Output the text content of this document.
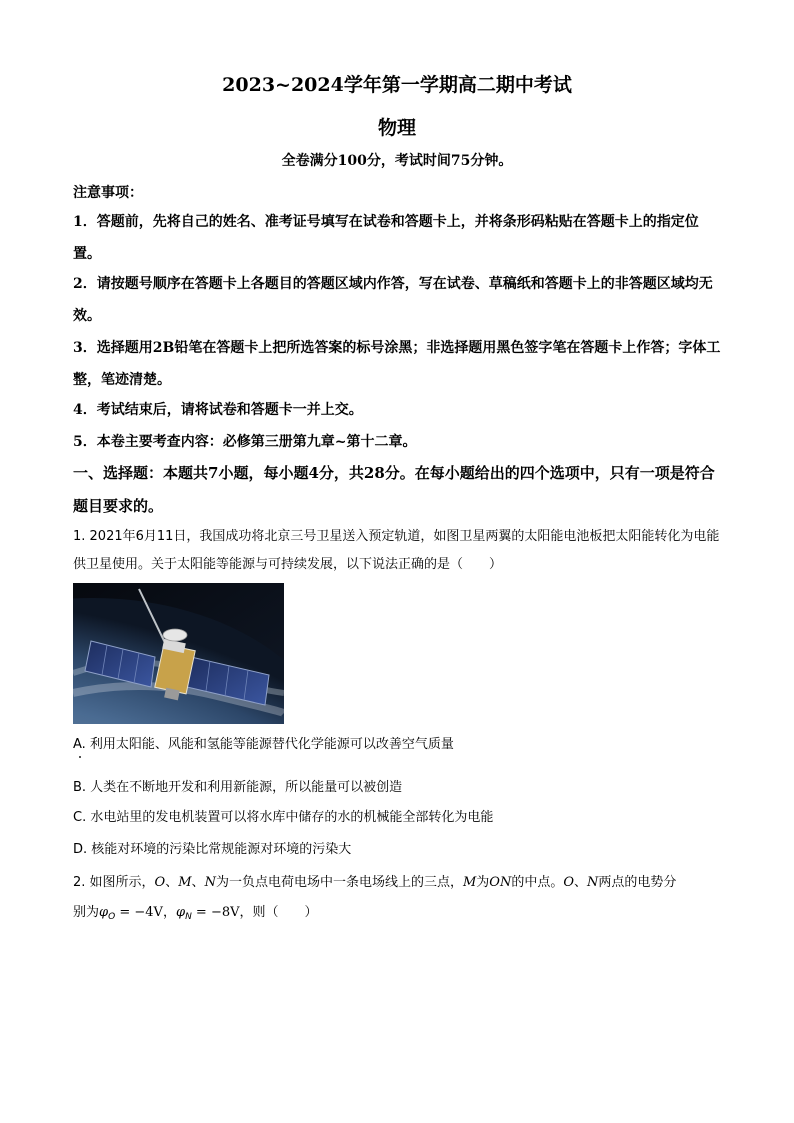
2023~2024学年第一学期高二期中考试
物理
全卷满分100分，考试时间75分钟。
注意事项：
1．答题前，先将自己的姓名、准考证号填写在试卷和答题卡上，并将条形码粘贴在答题卡上的指定位置。
2．请按题号顺序在答题卡上各题目的答题区域内作答，写在试卷、草稿纸和答题卡上的非答题区域均无效。
3．选择题用2B铅笔在答题卡上把所选答案的标号涂黑；非选择题用黑色签字笔在答题卡上作答；字体工整，笔迹清楚。
4．考试结束后，请将试卷和答题卡一并上交。
5．本卷主要考查内容：必修第三册第九章~第十二章。
一、选择题：本题共7小题，每小题4分，共28分。在每小题给出的四个选项中，只有一项是符合题目要求的。
1. 2021年6月11日，我国成功将北京三号卫星送入预定轨道，如图卫星两翼的太阳能电池板把太阳能转化为电能供卫星使用。关于太阳能等能源与可持续发展，以下说法正确的是（　　）
A. 利用太阳能、风能和氢能等能源替代化学能源可以改善空气质量
B. 人类在不断地开发和利用新能源，所以能量可以被创造
C. 水电站里的发电机装置可以将水库中储存的水的机械能全部转化为电能
D. 核能对环境的污染比常规能源对环境的污染大
2. 如图所示，O、M、N为一负点电荷电场中一条电场线上的三点，M为ON的中点。O、N两点的电势分
别为$\varphi_O = -4V$，$\varphi_N = -8V$，则（　　）
